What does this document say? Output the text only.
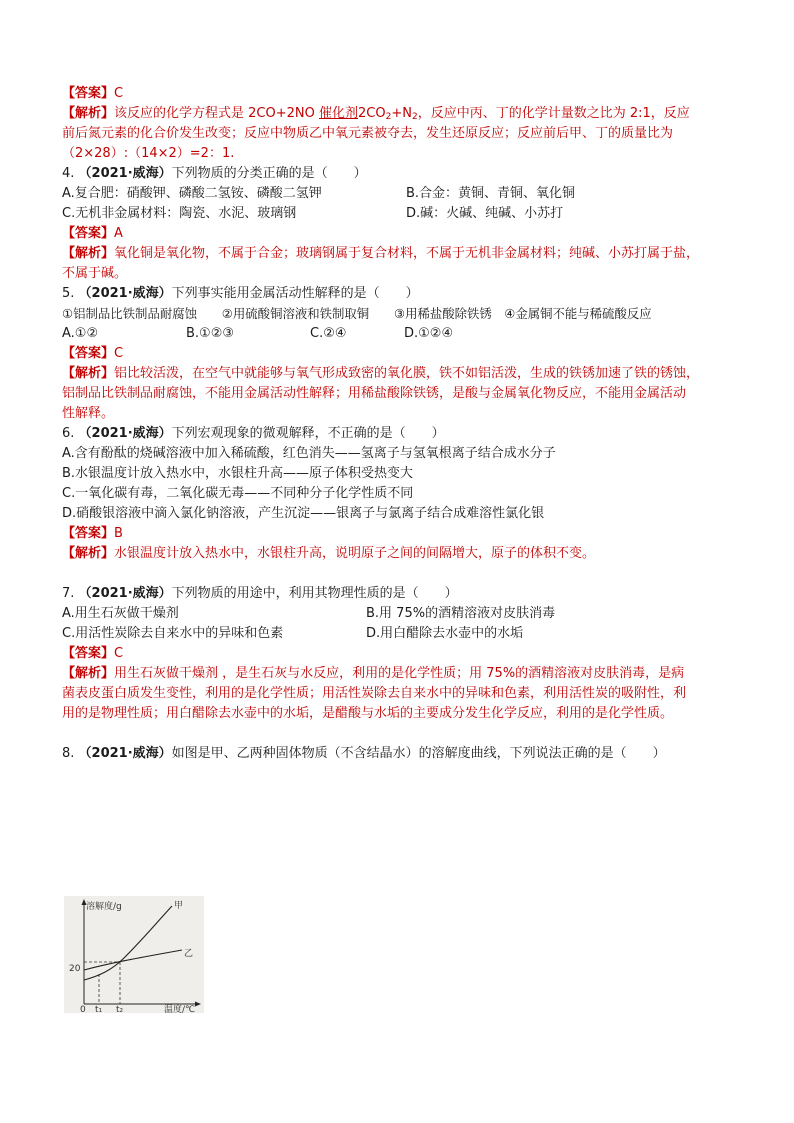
【答案】C
【解析】该反应的化学方程式是 2CO+2NO 催化剂$2CO_2+N_2$，反应中丙、丁的化学计量数之比为 2:1，反应
前后氮元素的化合价发生改变；反应中物质乙中氧元素被夺去，发生还原反应；反应前后甲、丁的质量比为
（2×28）:（14×2）=2：1.
4. （2021·威海）下列物质的分类正确的是（　　）
A.复合肥：硝酸钾、磷酸二氢铵、磷酸二氢钾	B.合金：黄铜、青铜、氧化铜
C.无机非金属材料：陶瓷、水泥、玻璃钢	D.碱：火碱、纯碱、小苏打
【答案】A
【解析】氧化铜是氧化物，不属于合金；玻璃钢属于复合材料，不属于无机非金属材料；纯碱、小苏打属于盐，
不属于碱。
5. （2021·威海）下列事实能用金属活动性解释的是（　　）
①铝制品比铁制品耐腐蚀　　②用硫酸铜溶液和铁制取铜　　③用稀盐酸除铁锈　④金属铜不能与稀硫酸反应
A.①②	B.①②③	C.②④	D.①②④
【答案】C
【解析】铝比较活泼，在空气中就能够与氧气形成致密的氧化膜，铁不如铝活泼，生成的铁锈加速了铁的锈蚀，
铝制品比铁制品耐腐蚀，不能用金属活动性解释；用稀盐酸除铁锈，是酸与金属氧化物反应，不能用金属活动
性解释。
6. （2021·威海）下列宏观现象的微观解释，不正确的是（　　）
A.含有酚酞的烧碱溶液中加入稀硫酸，红色消失——氢离子与氢氧根离子结合成水分子
B.水银温度计放入热水中，水银柱升高——原子体积受热变大
C.一氧化碳有毒，二氧化碳无毒——不同种分子化学性质不同
D.硝酸银溶液中滴入氯化钠溶液，产生沉淀——银离子与氯离子结合成难溶性氯化银
【答案】B
【解析】水银温度计放入热水中，水银柱升高，说明原子之间的间隔增大，原子的体积不变。
7. （2021·威海）下列物质的用途中，利用其物理性质的是（　　）
A.用生石灰做干燥剂	B.用 75%的酒精溶液对皮肤消毒
C.用活性炭除去自来水中的异味和色素	D.用白醋除去水壶中的水垢
【答案】C
【解析】用生石灰做干燥剂 ，是生石灰与水反应，利用的是化学性质；用 75%的酒精溶液对皮肤消毒，是病
菌表皮蛋白质发生变性，利用的是化学性质；用活性炭除去自来水中的异味和色素，利用活性炭的吸附性，利
用的是物理性质；用白醋除去水壶中的水垢，是醋酸与水垢的主要成分发生化学反应，利用的是化学性质。
8. （2021·威海）如图是甲、乙两种固体物质（不含结晶水）的溶解度曲线，下列说法正确的是（　　）
溶解度/g
温度/℃
20
0 t₁ t₂
甲
乙
